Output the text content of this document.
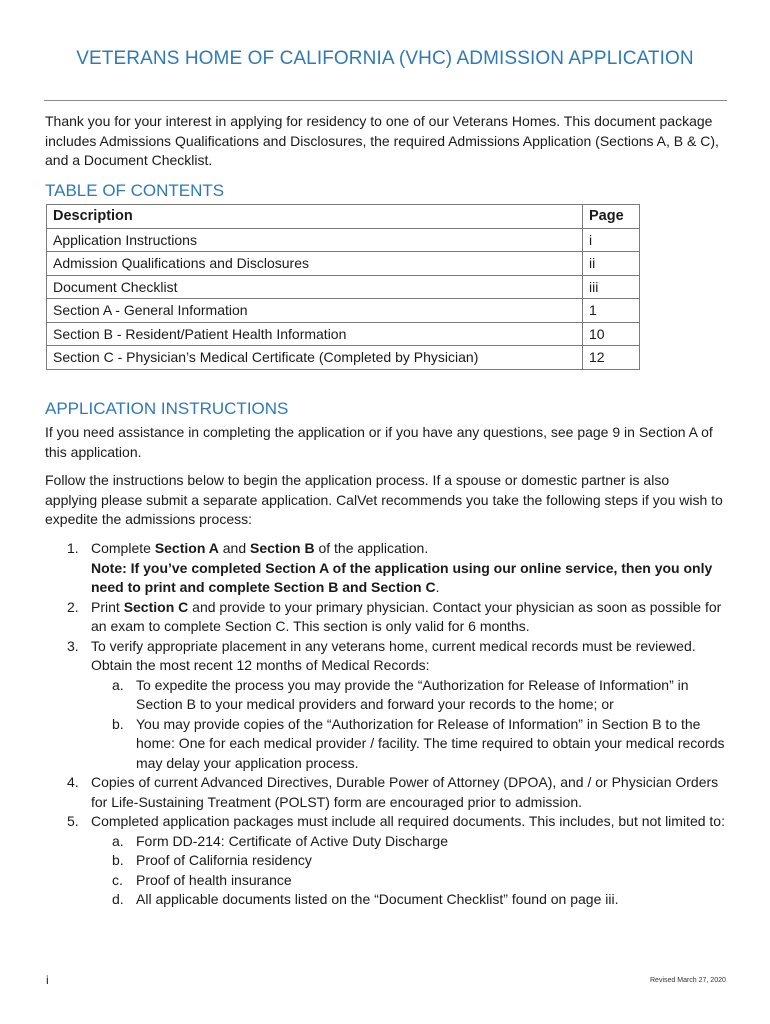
VETERANS HOME OF CALIFORNIA (VHC) ADMISSION APPLICATION

Thank you for your interest in applying for residency to one of our Veterans Homes. This document package includes Admissions Qualifications and Disclosures, the required Admissions Application (Sections A, B & C), and a Document Checklist.

TABLE OF CONTENTS
Description	Page
Application Instructions	i
Admission Qualifications and Disclosures	ii
Document Checklist	iii
Section A - General Information	1
Section B - Resident/Patient Health Information	10
Section C - Physician’s Medical Certificate (Completed by Physician)	12
APPLICATION INSTRUCTIONS

If you need assistance in completing the application or if you have any questions, see page 9 in Section A of this application.

Follow the instructions below to begin the application process. If a spouse or domestic partner is also applying please submit a separate application. CalVet recommends you take the following steps if you wish to expedite the admissions process:

1. Complete Section A and Section B of the application.
Note: If you’ve completed Section A of the application using our online service, then you only need to print and complete Section B and Section C.
2. Print Section C and provide to your primary physician. Contact your physician as soon as possible for an exam to complete Section C. This section is only valid for 6 months.
3. To verify appropriate placement in any veterans home, current medical records must be reviewed. Obtain the most recent 12 months of Medical Records:
a. To expedite the process you may provide the “Authorization for Release of Information” in Section B to your medical providers and forward your records to the home; or
b. You may provide copies of the “Authorization for Release of Information” in Section B to the home: One for each medical provider / facility. The time required to obtain your medical records may delay your application process.
4. Copies of current Advanced Directives, Durable Power of Attorney (DPOA), and / or Physician Orders for Life-Sustaining Treatment (POLST) form are encouraged prior to admission.
5. Completed application packages must include all required documents. This includes, but not limited to:
a. Form DD-214: Certificate of Active Duty Discharge
b. Proof of California residency
c. Proof of health insurance
d. All applicable documents listed on the “Document Checklist” found on page iii.

i	Revised March 27, 2020
